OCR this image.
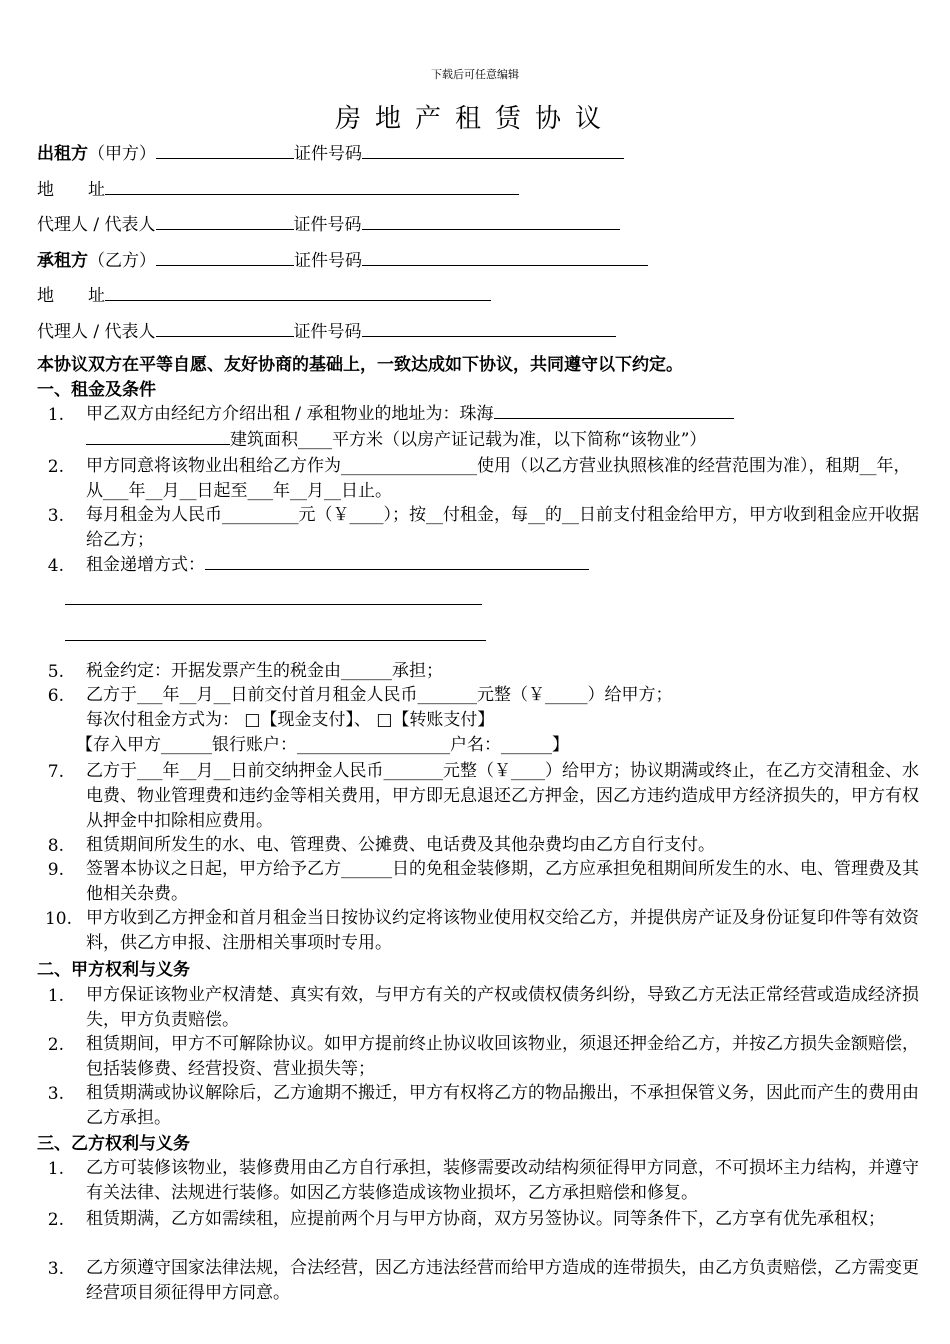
下载后可任意编辑
房地产租赁协议
出租方（甲方）	证件号码
地　　址
代理人 / 代表人	证件号码
承租方（乙方）	证件号码
地　　址
代理人 / 代表人	证件号码
本协议双方在平等自愿、友好协商的基础上，一致达成如下协议，共同遵守以下约定。
一、租金及条件
1. 甲乙双方由经纪方介绍出租 / 承租物业的地址为：珠海
建筑面积____平方米（以房产证记载为准，以下简称“该物业”）
2. 甲方同意将该物业出租给乙方作为________________使用（以乙方营业执照核准的经营范围为准），租期__年，从___年__月__日起至___年__月__日止。
3. 每月租金为人民币_________元（￥____）；按__付租金，每__的__日前支付租金给甲方，甲方收到租金应开收据给乙方；
4. 租金递增方式：
5. 税金约定：开据发票产生的税金由______承担；
6. 乙方于___年__月__日前交付首月租金人民币_______元整（￥_____）给甲方；
每次付租金方式为： □【现金支付】、 □【转账支付】
【存入甲方______银行账户：__________________户名：______】
7. 乙方于___年__月__日前交纳押金人民币_______元整（￥____）给甲方；协议期满或终止，在乙方交清租金、水电费、物业管理费和违约金等相关费用，甲方即无息退还乙方押金，因乙方违约造成甲方经济损失的，甲方有权从押金中扣除相应费用。
8. 租赁期间所发生的水、电、管理费、公摊费、电话费及其他杂费均由乙方自行支付。
9. 签署本协议之日起，甲方给予乙方______日的免租金装修期，乙方应承担免租期间所发生的水、电、管理费及其他相关杂费。
10. 甲方收到乙方押金和首月租金当日按协议约定将该物业使用权交给乙方，并提供房产证及身份证复印件等有效资料，供乙方申报、注册相关事项时专用。
二、甲方权利与义务
1. 甲方保证该物业产权清楚、真实有效，与甲方有关的产权或债权债务纠纷，导致乙方无法正常经营或造成经济损失，甲方负责赔偿。
2. 租赁期间，甲方不可解除协议。如甲方提前终止协议收回该物业，须退还押金给乙方，并按乙方损失金额赔偿，包括装修费、经营投资、营业损失等；
3. 租赁期满或协议解除后，乙方逾期不搬迁，甲方有权将乙方的物品搬出，不承担保管义务，因此而产生的费用由乙方承担。
三、乙方权利与义务
1. 乙方可装修该物业，装修费用由乙方自行承担，装修需要改动结构须征得甲方同意，不可损坏主力结构，并遵守有关法律、法规进行装修。如因乙方装修造成该物业损坏，乙方承担赔偿和修复。
2. 租赁期满，乙方如需续租，应提前两个月与甲方协商，双方另签协议。同等条件下，乙方享有优先承租权；
3. 乙方须遵守国家法律法规，合法经营，因乙方违法经营而给甲方造成的连带损失，由乙方负责赔偿，乙方需变更经营项目须征得甲方同意。
